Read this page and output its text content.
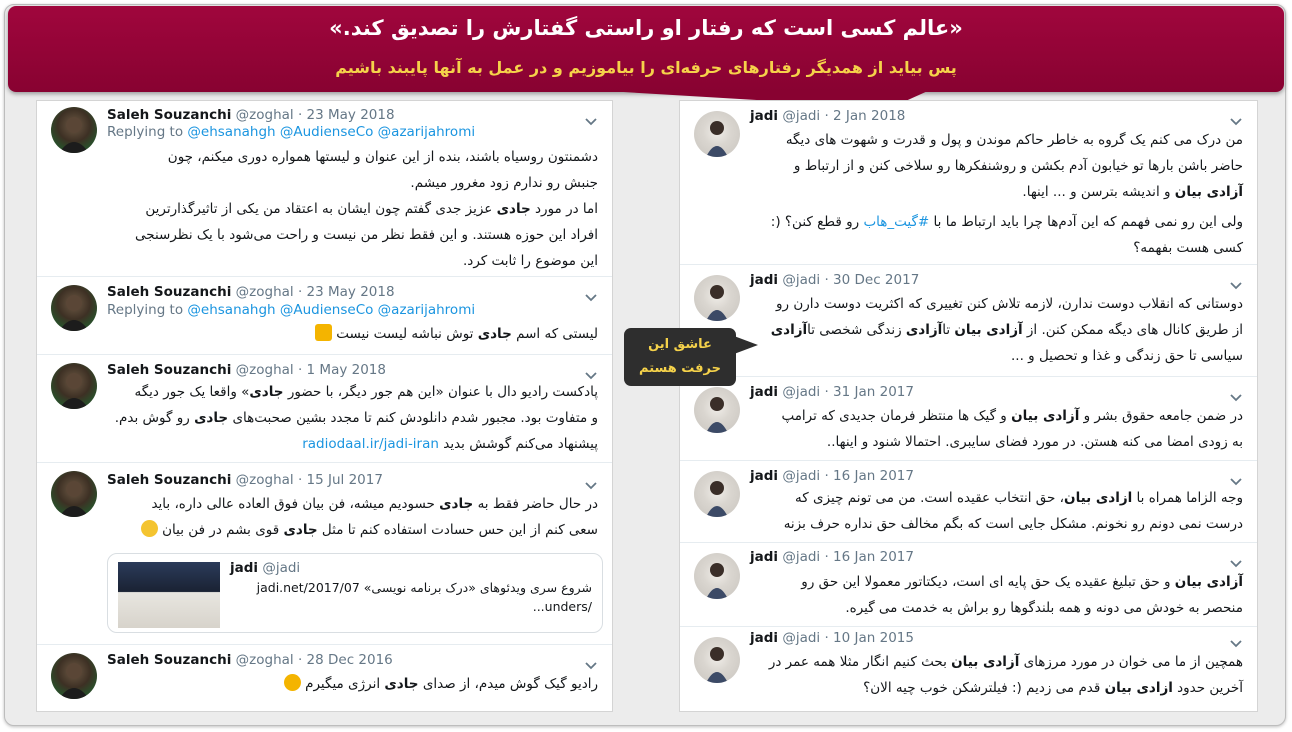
«عالم کسی است که رفتار او راستی گفتارش را تصدیق کند.»
پس بیاید از همدیگر رفتارهای حرفه‌ای را بیاموزیم و در عمل به آنها پایبند باشیم
Saleh Souzanchi @zoghal · 23 May 2018
Replying to @ehsanahgh @AudienseCo @azarijahromi
دشمنتون روسیاه باشند، بنده از این عنوان و لیستها همواره دوری میکنم، چون
جنبش رو ندارم زود مغرور میشم.
اما در مورد جادی عزیز جدی گفتم چون ایشان به اعتقاد من یکی از تاثیرگذارترین
افراد این حوزه هستند. و این فقط نظر من نیست و راحت می‌شود با یک نظرسنجی
این موضوع را ثابت کرد.
Saleh Souzanchi @zoghal · 23 May 2018
Replying to @ehsanahgh @AudienseCo @azarijahromi
لیستی که اسم جادی توش نباشه لیست نیست
Saleh Souzanchi @zoghal · 1 May 2018
پادکست رادیو دال با عنوان «این هم جور دیگر، با حضور جادی» واقعا یک جور دیگه
و متفاوت بود. مجبور شدم دانلودش کنم تا مجدد بشین صحبت‌های جادی رو گوش بدم.
پیشنهاد می‌کنم گوشش بدید radiodaal.ir/jadi-iran
Saleh Souzanchi @zoghal · 15 Jul 2017
در حال حاضر فقط به جادی حسودیم میشه، فن بیان فوق العاده عالی داره، باید
سعی کنم از این حس حسادت استفاده کنم تا مثل جادی قوی بشم در فن بیان
jadi @jadi
شروع سری ویدئوهای «درک برنامه نویسی» jadi.net/2017/07
/unders...
Saleh Souzanchi @zoghal · 28 Dec 2016
رادیو گیک گوش میدم، از صدای جادی انرژی میگیرم
jadi @jadi · 2 Jan 2018
من درک می کنم یک گروه به خاطر حاکم موندن و پول و قدرت و شهوت های دیگه
حاضر باشن بارها تو خیابون آدم بکشن و روشنفکرها رو سلاخی کنن و از ارتباط و
آزادی بیان و اندیشه بترسن و ... اینها.
ولی این رو نمی فهمم که این آدم‌ها چرا باید ارتباط ما با #گیت_هاب رو قطع کنن؟ (:
کسی هست بفهمه؟
jadi @jadi · 30 Dec 2017
دوستانی که انقلاب دوست ندارن، لازمه تلاش کنن تغییری که اکثریت دوست دارن رو
از طریق کانال های دیگه ممکن کنن. از آزادی بیان تاآزادی زندگی شخصی تاآزادی
سیاسی تا حق زندگی و غذا و تحصیل و ...
jadi @jadi · 31 Jan 2017
در ضمن جامعه حقوق بشر و آزادی بیان و گیک ها منتظر فرمان جدیدی که ترامپ
به زودی امضا می کنه هستن. در مورد فضای سایبری. احتمالا شنود و اینها..
jadi @jadi · 16 Jan 2017
وجه الزاما همراه با ازادی بیان، حق انتخاب عقیده است. من می تونم چیزی که
درست نمی دونم رو نخونم. مشکل جایی است که بگم مخالف حق نداره حرف بزنه
jadi @jadi · 16 Jan 2017
آزادی بیان و حق تبلیغ عقیده یک حق پایه ای است، دیکتاتور معمولا این حق رو
منحصر به خودش می دونه و همه بلندگوها رو براش به خدمت می گیره.
jadi @jadi · 10 Jan 2015
همچین از ما می خوان در مورد مرزهای آزادی بیان بحث کنیم انگار مثلا همه عمر در
آخرین حدود ازادی بیان قدم می زدیم (: فیلترشکن خوب چیه الان؟
عاشق این
حرفت هستم
